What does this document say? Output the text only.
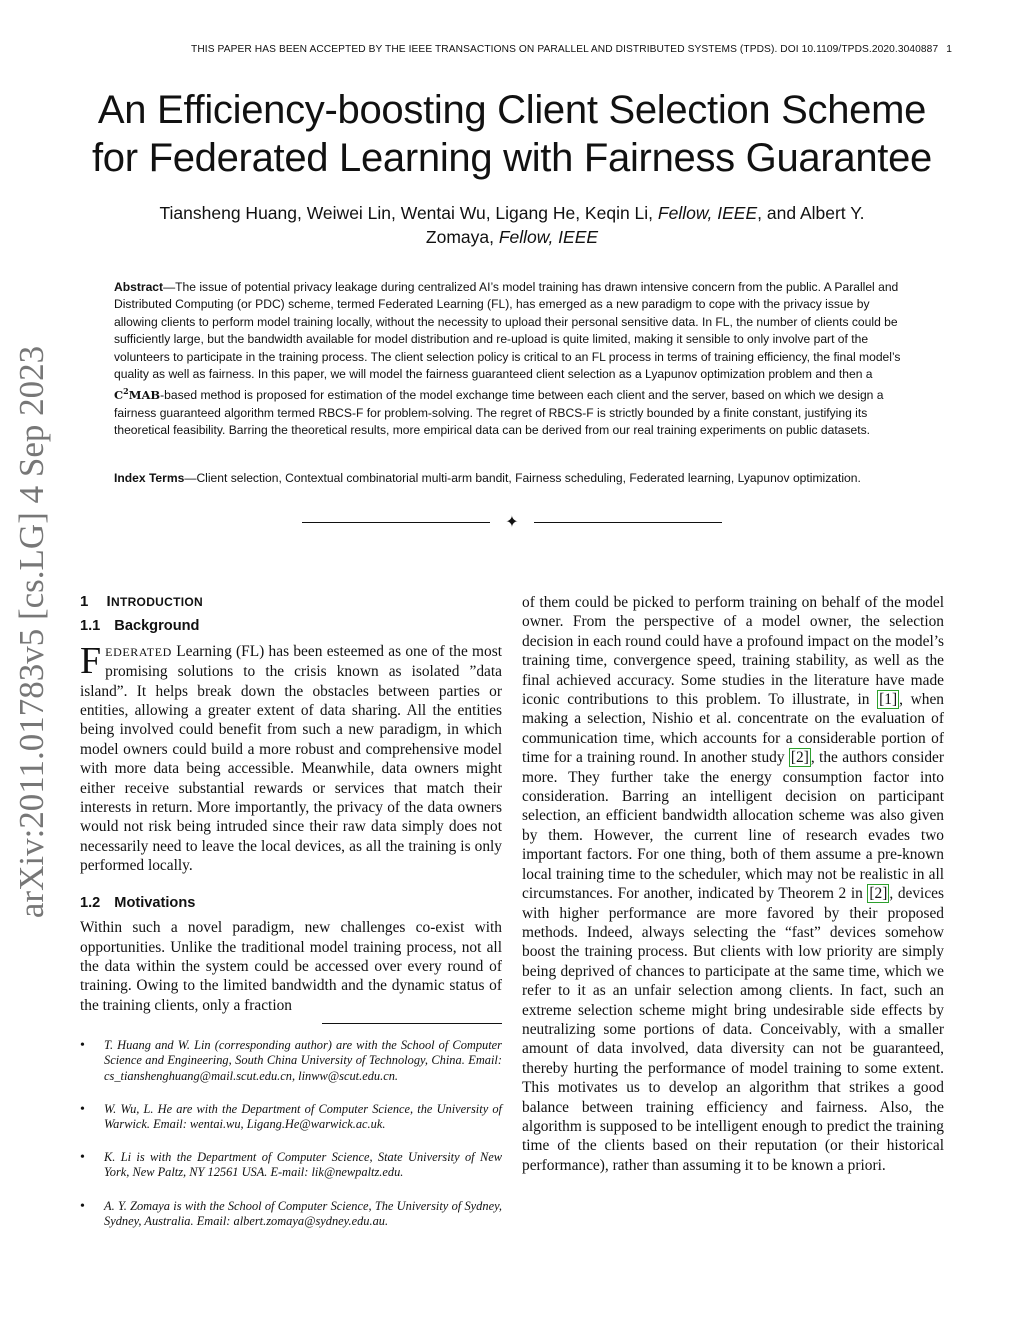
THIS PAPER HAS BEEN ACCEPTED BY THE IEEE TRANSACTIONS ON PARALLEL AND DISTRIBUTED SYSTEMS (TPDS). DOI 10.1109/TPDS.2020.3040887 1
An Efficiency-boosting Client Selection Scheme
for Federated Learning with Fairness Guarantee
Tiansheng Huang, Weiwei Lin, Wentai Wu, Ligang He, Keqin Li, Fellow, IEEE, and Albert Y.
Zomaya, Fellow, IEEE
Abstract—The issue of potential privacy leakage during centralized AI’s model training has drawn intensive concern from the public. A Parallel and Distributed Computing (or PDC) scheme, termed Federated Learning (FL), has emerged as a new paradigm to cope with the privacy issue by allowing clients to perform model training locally, without the necessity to upload their personal sensitive data. In FL, the number of clients could be sufficiently large, but the bandwidth available for model distribution and re-upload is quite limited, making it sensible to only involve part of the volunteers to participate in the training process. The client selection policy is critical to an FL process in terms of training efficiency, the final model’s quality as well as fairness. In this paper, we will model the fairness guaranteed client selection as a Lyapunov optimization problem and then a $C^2MAB$-based method is proposed for estimation of the model exchange time between each client and the server, based on which we design a fairness guaranteed algorithm termed RBCS-F for problem-solving. The regret of RBCS-F is strictly bounded by a finite constant, justifying its theoretical feasibility. Barring the theoretical results, more empirical data can be derived from our real training experiments on public datasets.
Index Terms—Client selection, Contextual combinatorial multi-arm bandit, Fairness scheduling, Federated learning, Lyapunov optimization.
✦
arXiv:2011.01783v5 [cs.LG] 4 Sep 2023	1 INTRODUCTION
1.1 Background

FEDERATED Learning (FL) has been esteemed as one of the most promising solutions to the crisis known as isolated ”data island”. It helps break down the obstacles between parties or entities, allowing a greater extent of data sharing. All the entities being involved could benefit from such a new paradigm, in which model owners could build a more robust and comprehensive model with more data being accessible. Meanwhile, data owners might either receive substantial rewards or services that match their interests in return. More importantly, the privacy of the data owners would not risk being intruded since their raw data simply does not necessarily need to leave the local devices, as all the training is only performed locally.

1.2 Motivations

Within such a novel paradigm, new challenges co-exist with opportunities. Unlike the traditional model training process, not all the data within the system could be accessed over every round of training. Owing to the limited bandwidth and the dynamic status of the training clients, only a fraction

• T. Huang and W. Lin (corresponding author) are with the School of Computer Science and Engineering, South China University of Technology, China. Email: cs_tianshenghuang@mail.scut.edu.cn, linww@scut.edu.cn.
• W. Wu, L. He are with the Department of Computer Science, the University of Warwick. Email: wentai.wu, Ligang.He@warwick.ac.uk.
• K. Li is with the Department of Computer Science, State University of New York, New Paltz, NY 12561 USA. E-mail: lik@newpaltz.edu.
• A. Y. Zomaya is with the School of Computer Science, The University of Sydney, Sydney, Australia. Email: albert.zomaya@sydney.edu.au.

of them could be picked to perform training on behalf of the model owner. From the perspective of a model owner, the selection decision in each round could have a profound impact on the model’s training time, convergence speed, training stability, as well as the final achieved accuracy. Some studies in the literature have made iconic contributions to this problem. To illustrate, in [1] , when making a selection, Nishio et al. concentrate on the evaluation of communication time, which accounts for a considerable portion of time for a training round. In another study [2] , the authors consider more. They further take the energy consumption factor into consideration. Barring an intelligent decision on participant selection, an efficient bandwidth allocation scheme was also given by them. However, the current line of research evades two important factors. For one thing, both of them assume a pre-known local training time to the scheduler, which may not be realistic in all circumstances. For another, indicated by Theorem 2 in [2] , devices with higher performance are more favored by their proposed methods. Indeed, always selecting the “fast” devices somehow boost the training process. But clients with low priority are simply being deprived of chances to participate at the same time, which we refer to it as an unfair selection among clients. In fact, such an extreme selection scheme might bring undesirable side effects by neutralizing some portions of data. Conceivably, with a smaller amount of data involved, data diversity can not be guaranteed, thereby hurting the performance of model training to some extent. This motivates us to develop an algorithm that strikes a good balance between training efficiency and fairness. Also, the algorithm is supposed to be intelligent enough to predict the training time of the clients based on their reputation (or their historical performance), rather than assuming it to be known a priori.
